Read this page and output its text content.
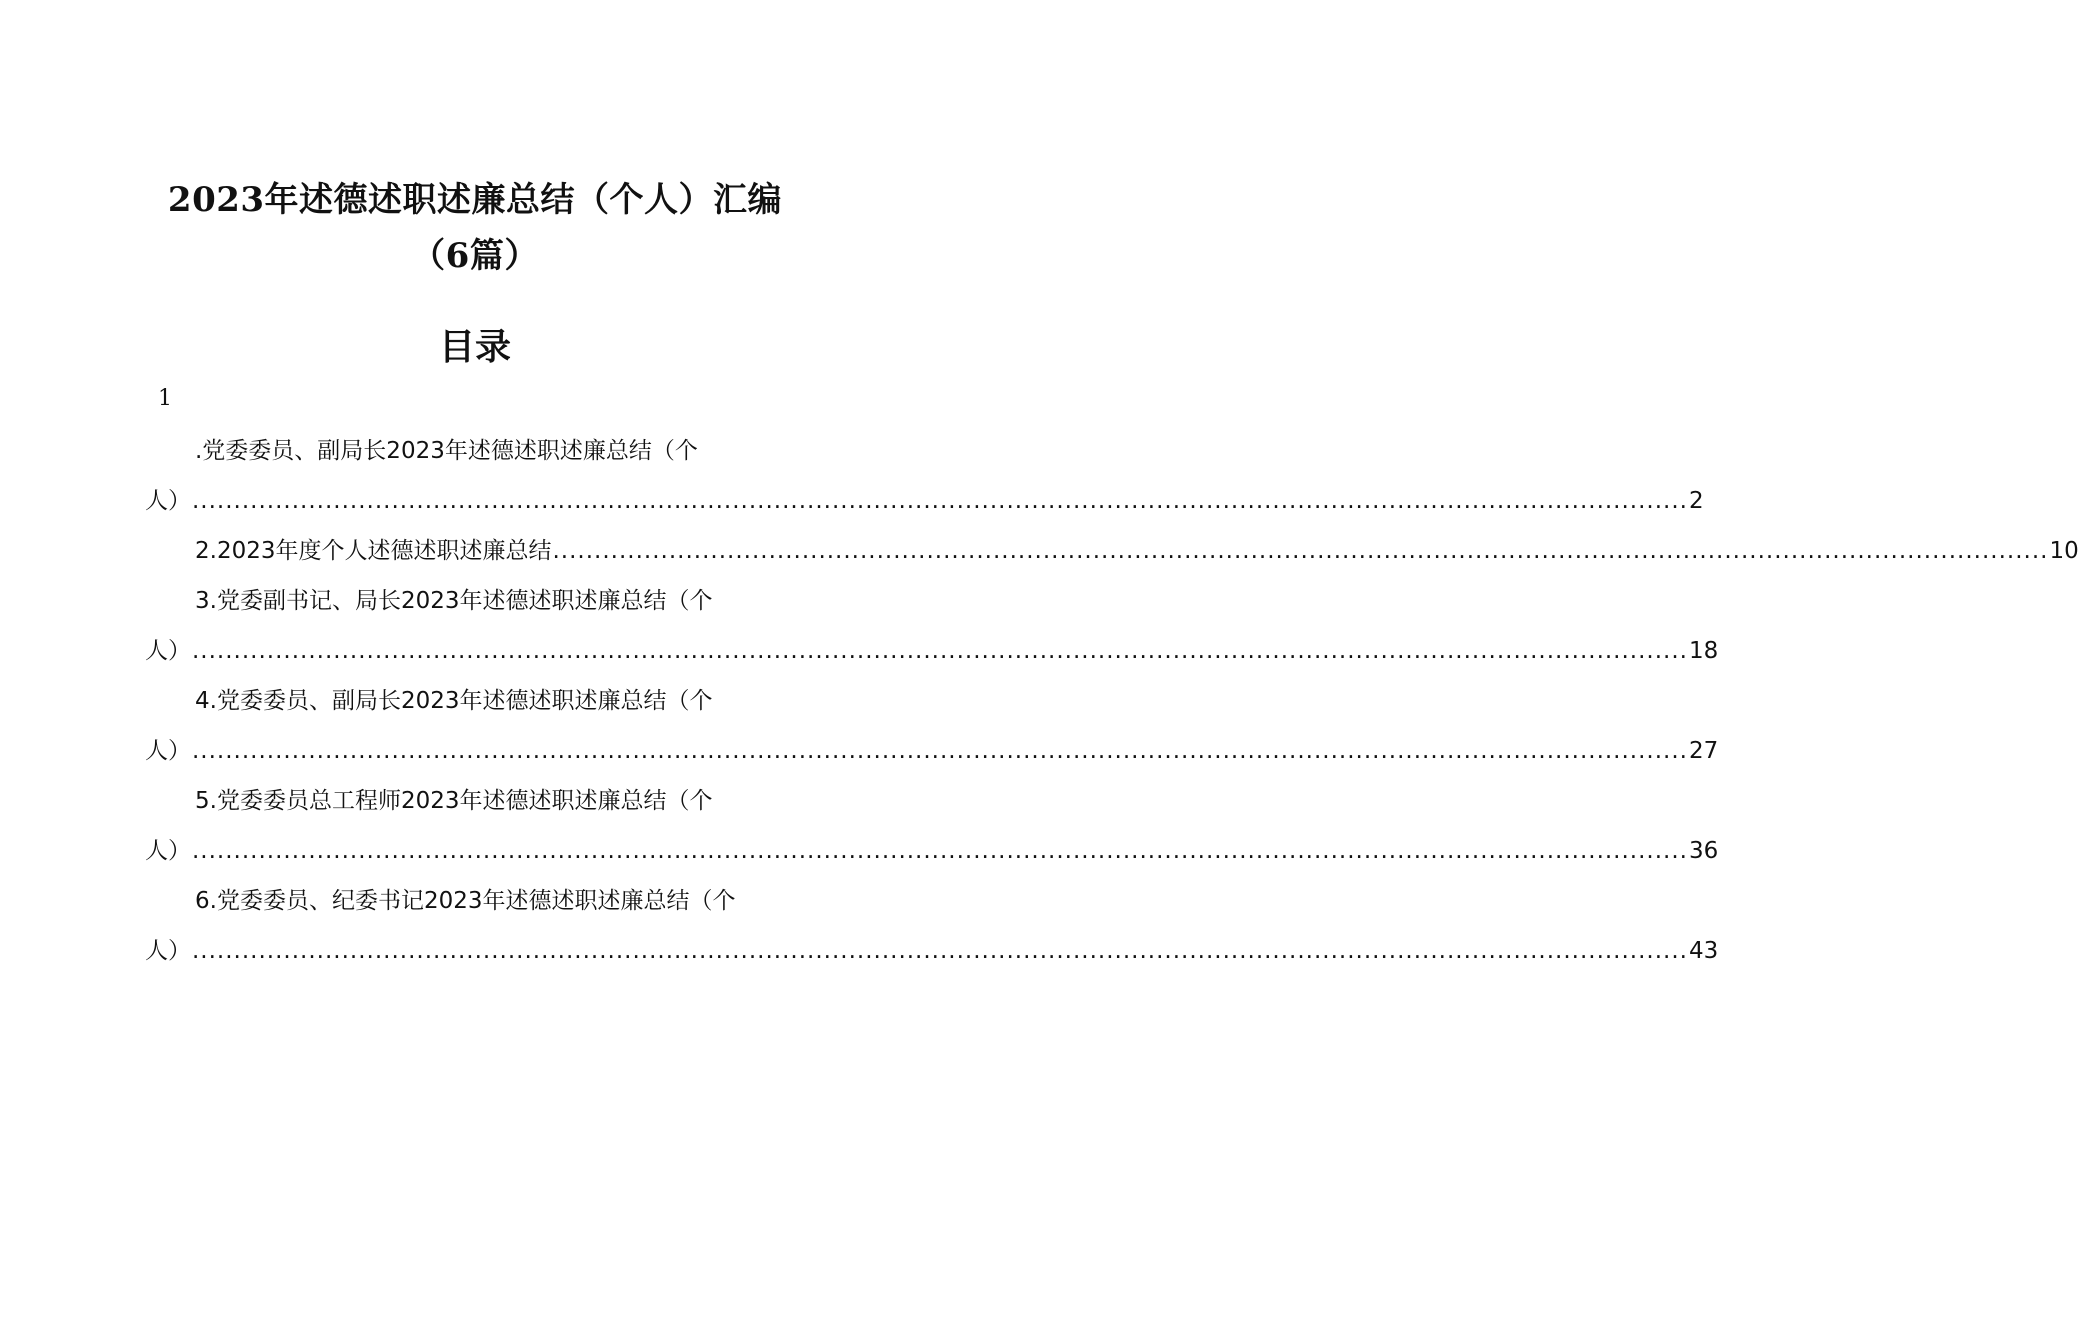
2023年述德述职述廉总结（个人）汇编（6篇）
目录
1
.党委委员、副局长2023年述德述职述廉总结（个
人） .................................................................................................................................................................................... 2
2.2023年度个人述德述职述廉总结 .................................................................................................................................................................................... 10
3.党委副书记、局长2023年述德述职述廉总结（个
人） .................................................................................................................................................................................... 18
4.党委委员、副局长2023年述德述职述廉总结（个
人） .................................................................................................................................................................................... 27
5.党委委员总工程师2023年述德述职述廉总结（个
人） .................................................................................................................................................................................... 36
6.党委委员、纪委书记2023年述德述职述廉总结（个
人） .................................................................................................................................................................................... 43
